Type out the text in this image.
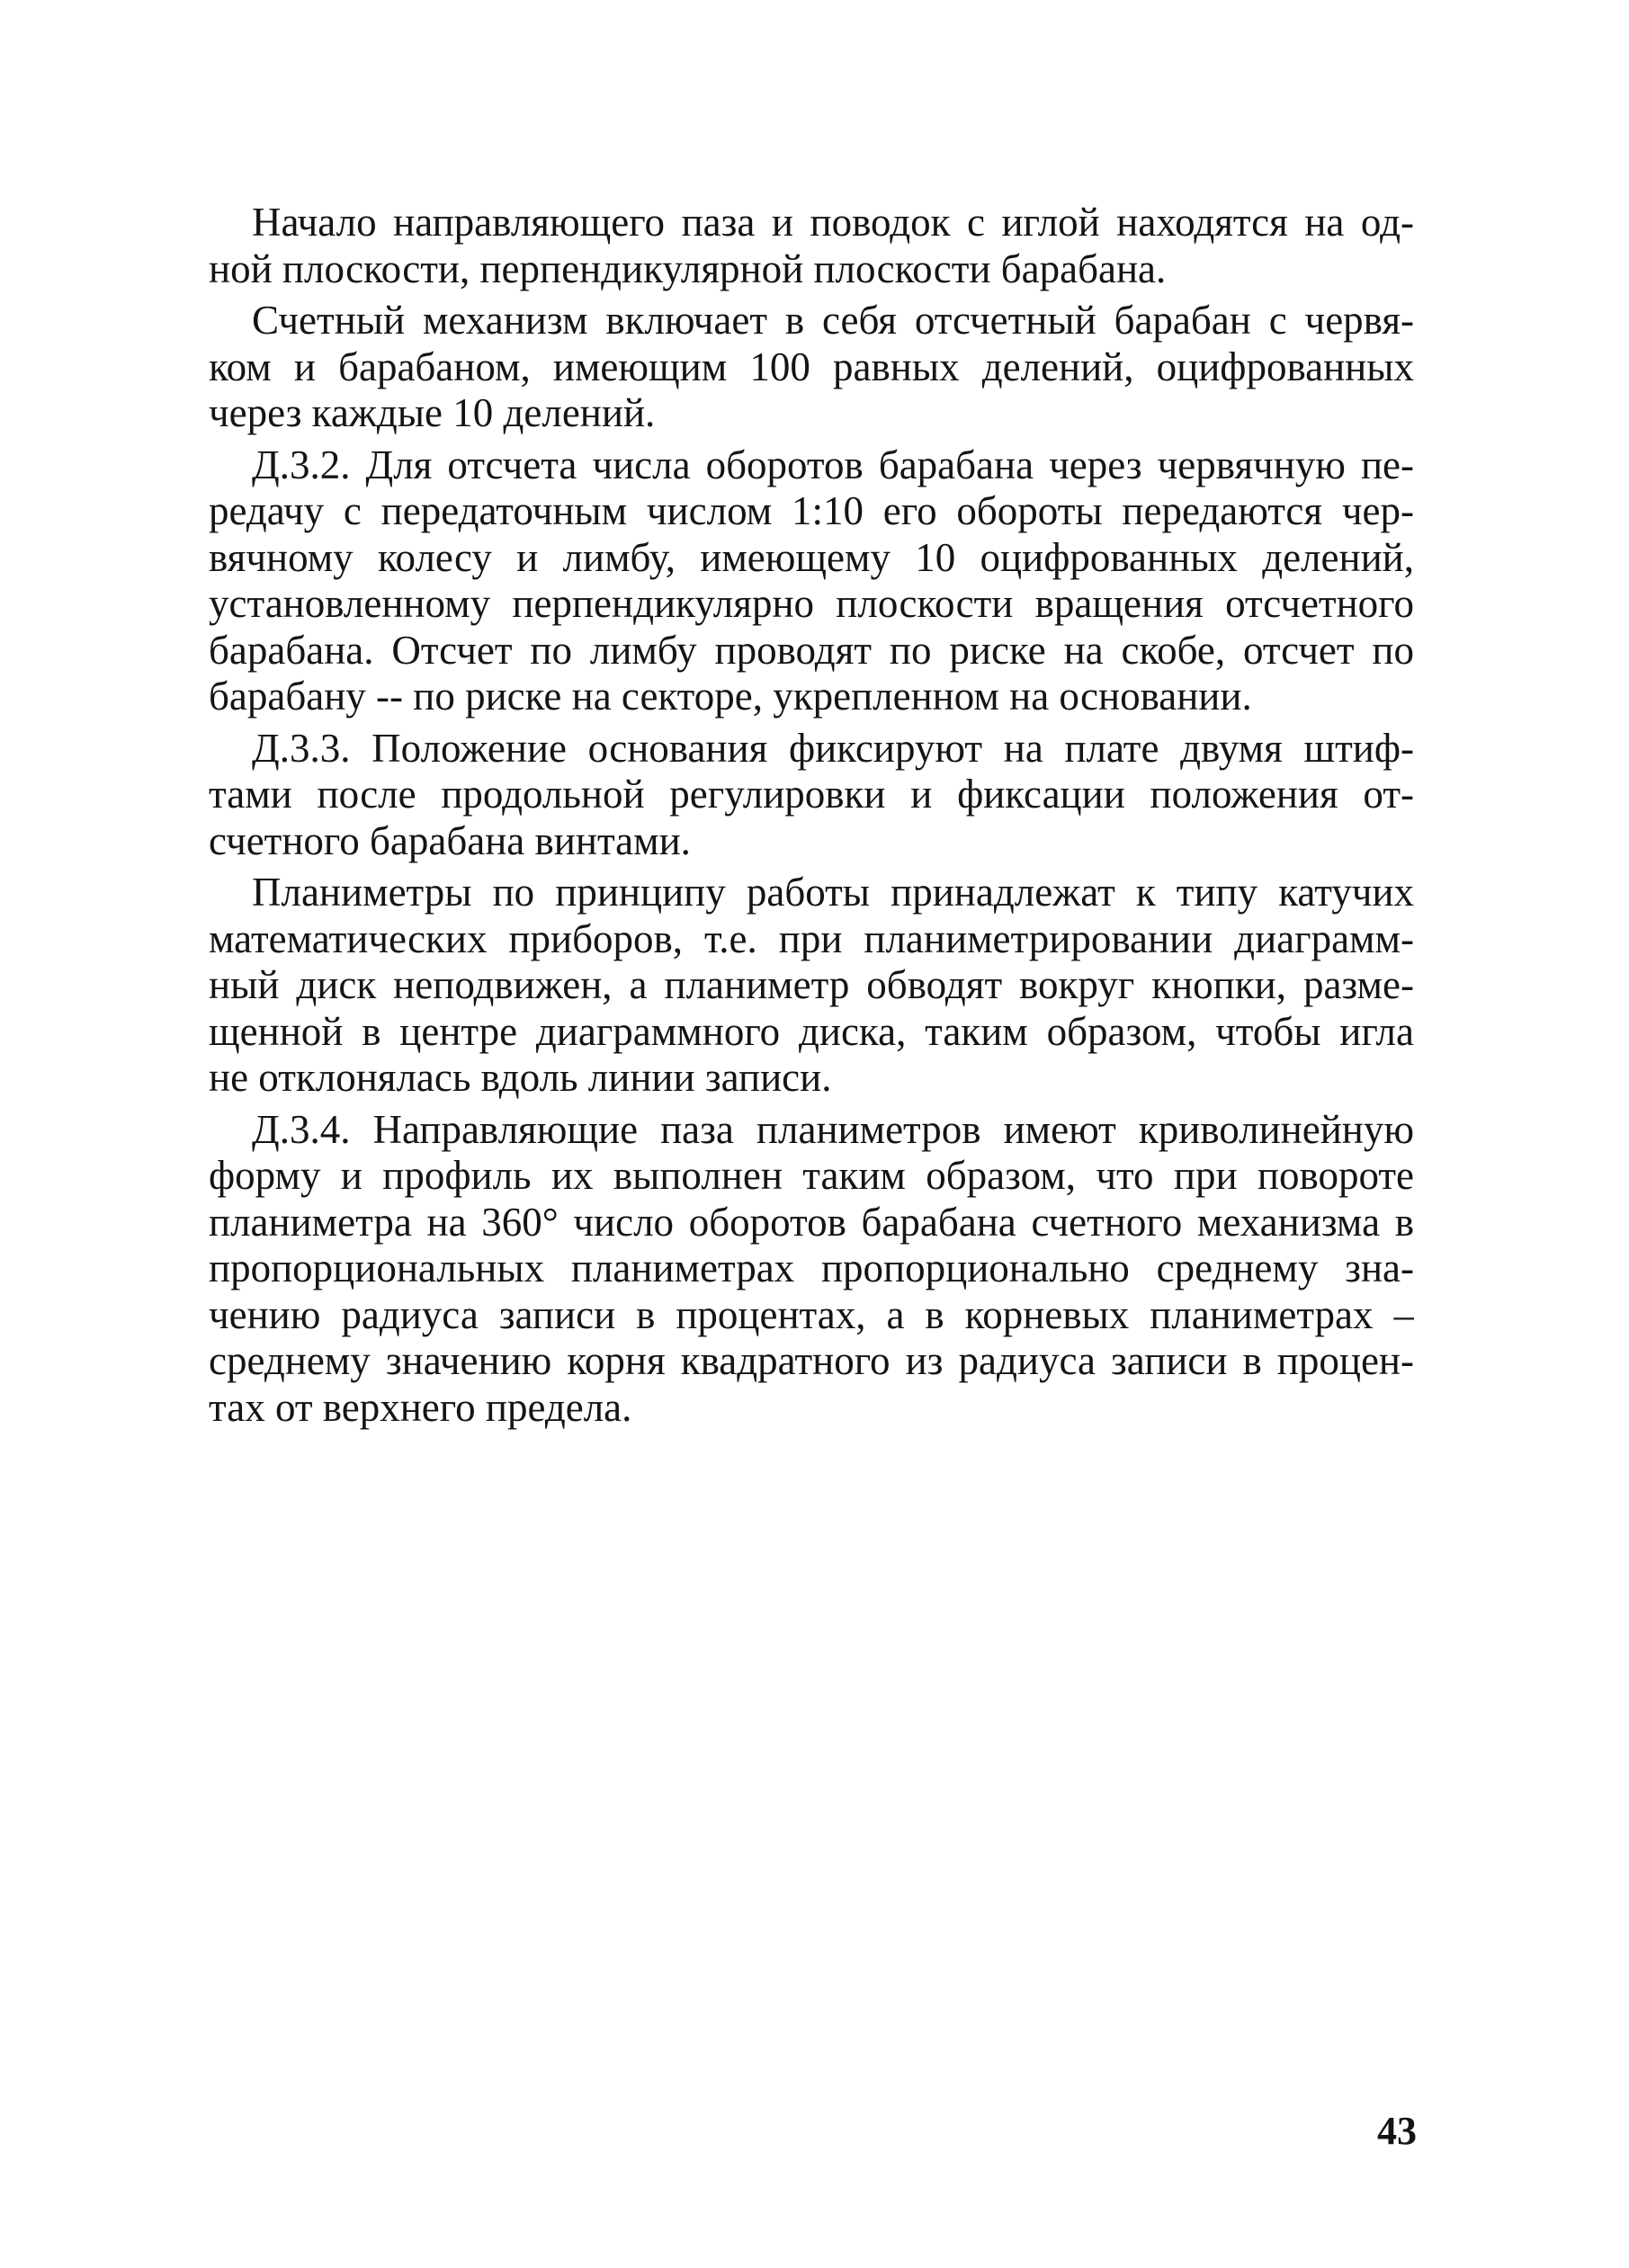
Начало направляющего паза и поводок с иглой находятся на од-
ной плоскости, перпендикулярной плоскости барабана.
Счетный механизм включает в себя отсчетный барабан с червя-
ком и барабаном, имеющим 100 равных делений, оцифрованных
через каждые 10 делений.
Д.3.2. Для отсчета числа оборотов барабана через червячную пе-
редачу с передаточным числом 1:10 его обороты передаются чер-
вячному колесу и лимбу, имеющему 10 оцифрованных делений,
установленному перпендикулярно плоскости вращения отсчетного
барабана. Отсчет по лимбу проводят по риске на скобе, отсчет по
барабану -- по риске на секторе, укрепленном на основании.
Д.3.3. Положение основания фиксируют на плате двумя штиф-
тами после продольной регулировки и фиксации положения от-
счетного барабана винтами.
Планиметры по принципу работы принадлежат к типу катучих
математических приборов, т.е. при планиметрировании диаграмм-
ный диск неподвижен, а планиметр обводят вокруг кнопки, разме-
щенной в центре диаграммного диска, таким образом, чтобы игла
не отклонялась вдоль линии записи.
Д.3.4. Направляющие паза планиметров имеют криволинейную
форму и профиль их выполнен таким образом, что при повороте
планиметра на 360° число оборотов барабана счетного механизма в
пропорциональных планиметрах пропорционально среднему зна-
чению радиуса записи в процентах, а в корневых планиметрах –
среднему значению корня квадратного из радиуса записи в процен-
тах от верхнего предела.
43
